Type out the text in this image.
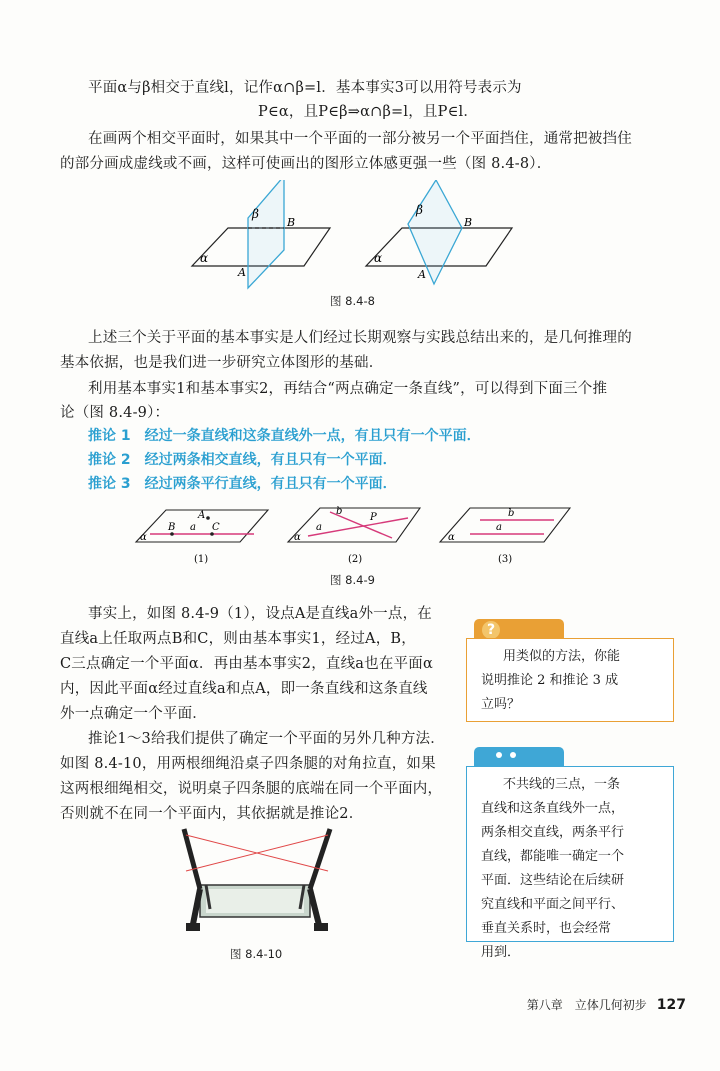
平面α与β相交于直线l，记作α∩β=l．基本事实3可以用符号表示为
P∈α，且P∈β⇒α∩β=l，且P∈l．
在画两个相交平面时，如果其中一个平面的一部分被另一个平面挡住，通常把被挡住
的部分画成虚线或不画，这样可使画出的图形立体感更强一些（图 8.4-8）．
β
B
A
α
β
B
A
α
图 8.4-8
上述三个关于平面的基本事实是人们经过长期观察与实践总结出来的，是几何推理的
基本依据，也是我们进一步研究立体图形的基础．
利用基本事实1和基本事实2，再结合“两点确定一条直线”，可以得到下面三个推
论（图 8.4-9）：
推论 1 经过一条直线和这条直线外一点，有且只有一个平面．
推论 2 经过两条相交直线，有且只有一个平面．
推论 3 经过两条平行直线，有且只有一个平面．
A
B a C
α
b
P
a
α
b
a
α
(1)	(2)	(3)
图 8.4-9
事实上，如图 8.4-9（1），设点A是直线a外一点，在
直线a上任取两点B和C，则由基本事实1，经过A，B，
C三点确定一个平面α．再由基本事实2，直线a也在平面α
内，因此平面α经过直线a和点A，即一条直线和这条直线
外一点确定一个平面．
推论1～3给我们提供了确定一个平面的另外几种方法．
如图 8.4-10，用两根细绳沿桌子四条腿的对角拉直，如果
这两根细绳相交，说明桌子四条腿的底端在同一个平面内，
否则就不在同一个平面内，其依据就是推论2．
图 8.4-10
?
用类似的方法，你能
说明推论 2 和推论 3 成
立吗？
不共线的三点，一条
直线和这条直线外一点，
两条相交直线，两条平行
直线，都能唯一确定一个
平面．这些结论在后续研
究直线和平面之间平行、
垂直关系时，也会经常
用到．
第八章　立体几何初步 127
